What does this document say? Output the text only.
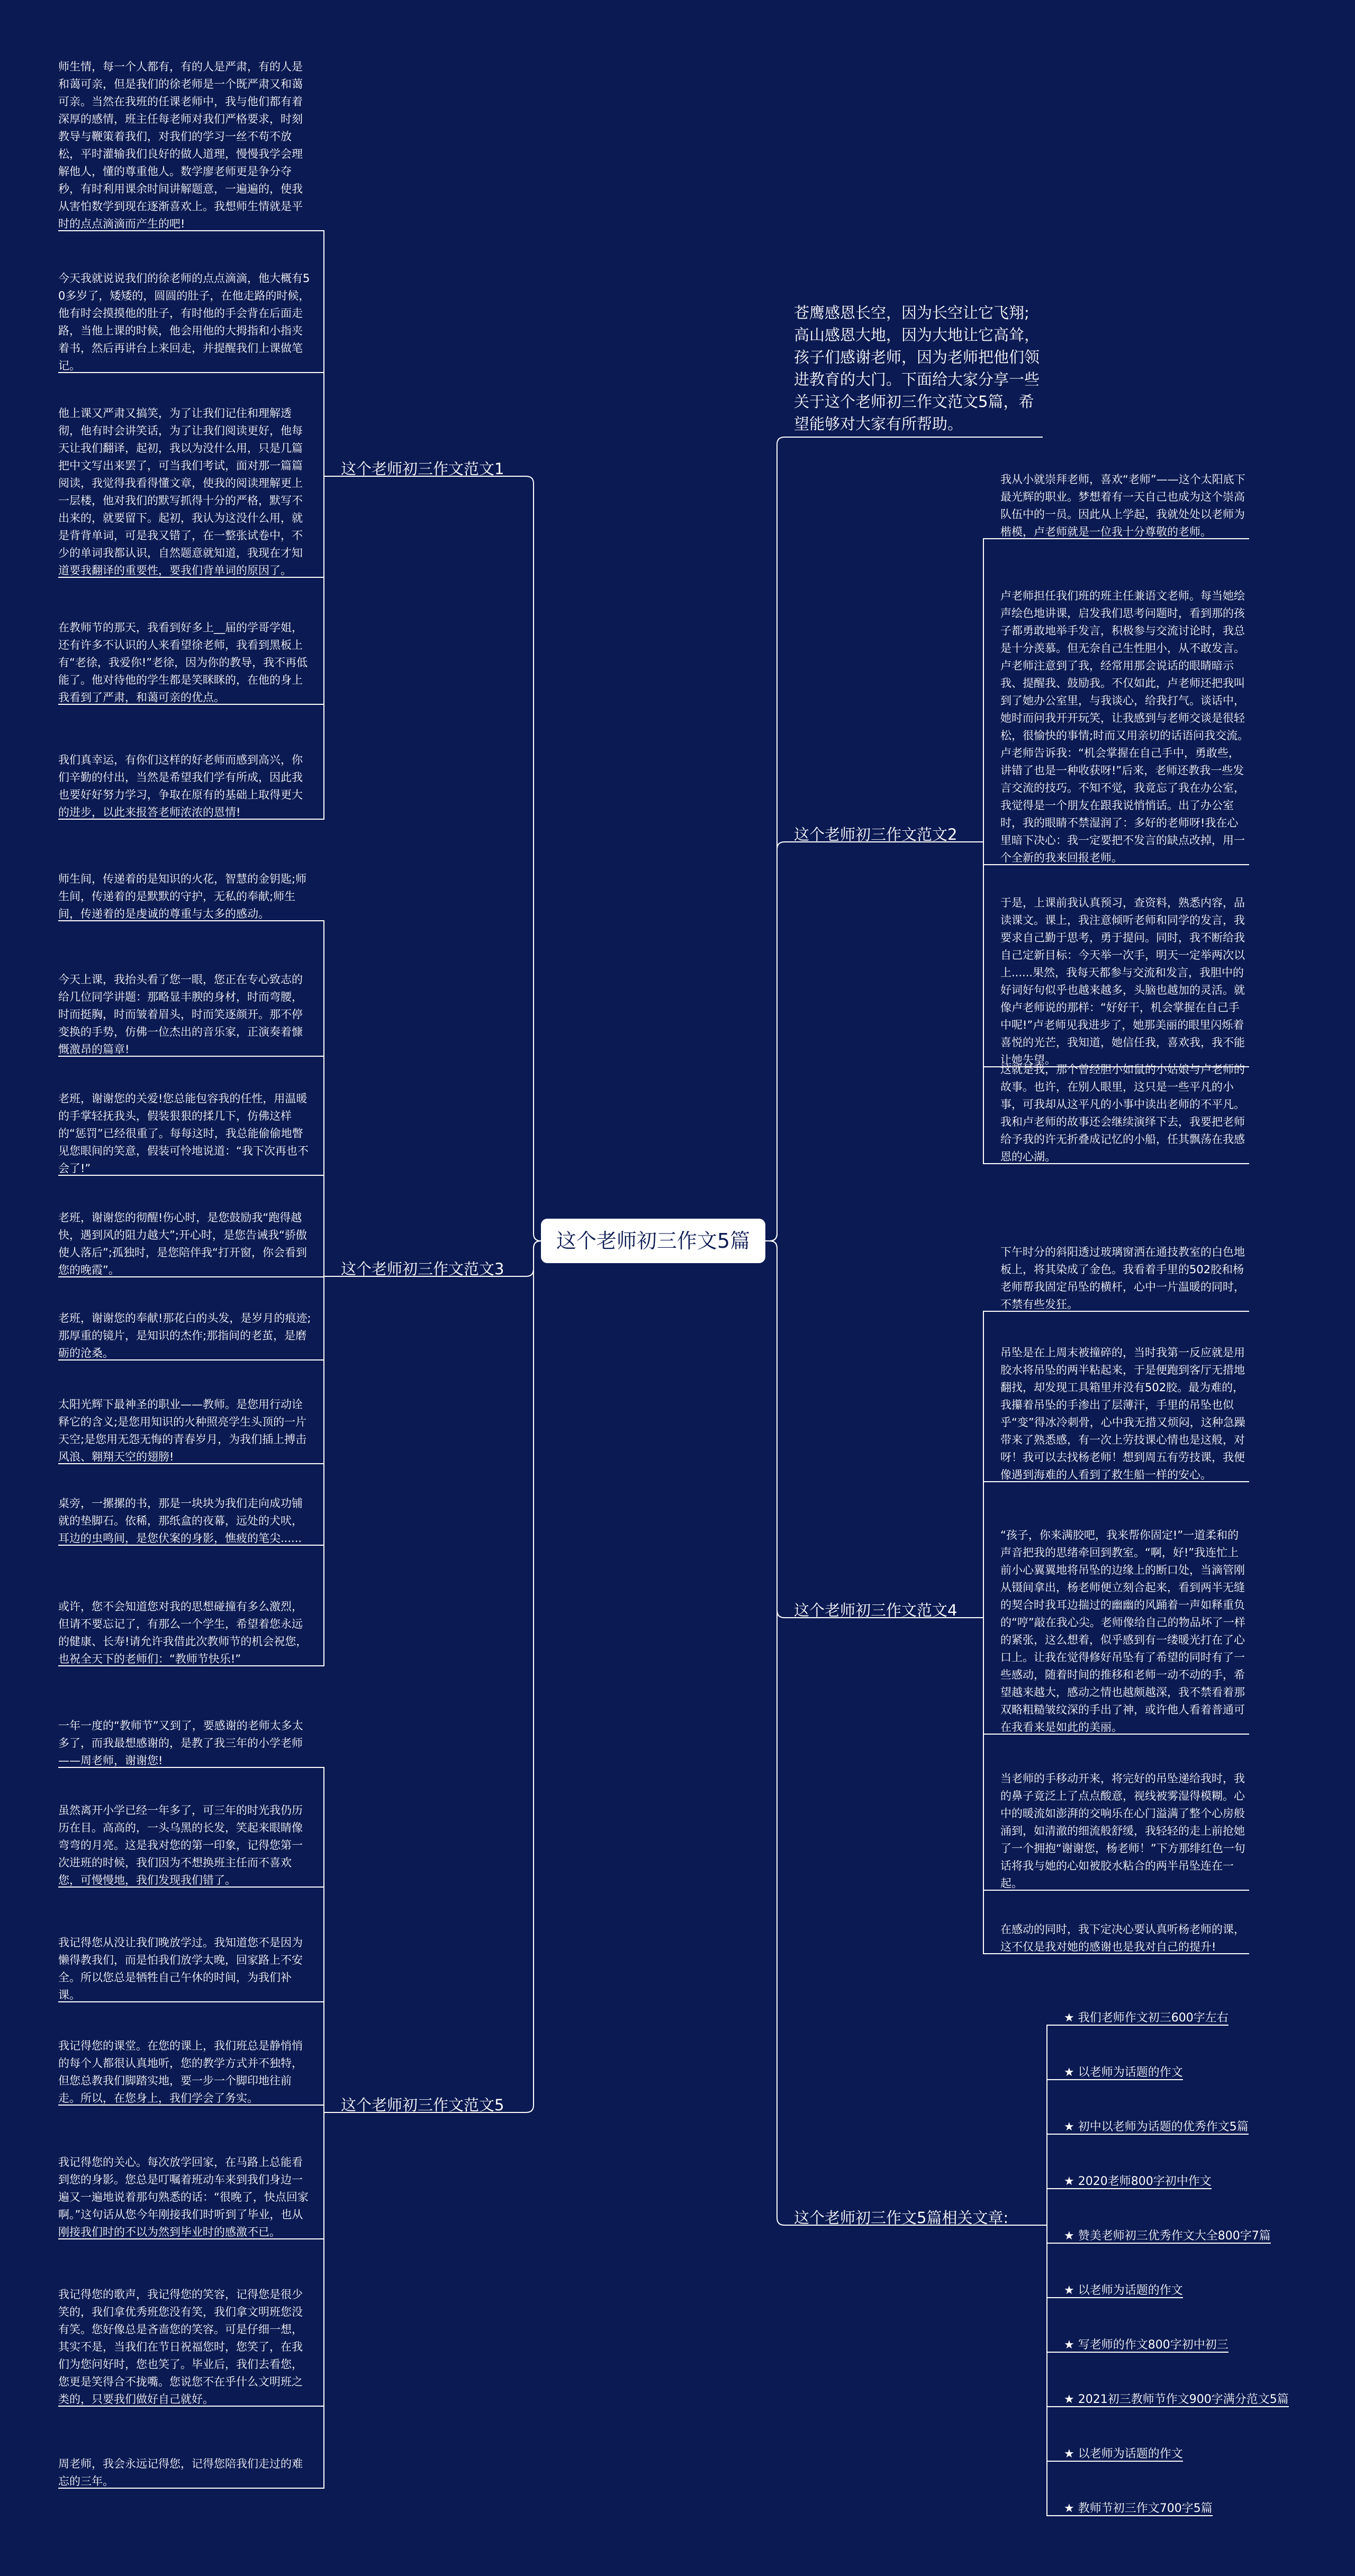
这个老师初三作文5篇
苍鹰感恩长空，因为长空让它飞翔;高山感恩大地，因为大地让它高耸，孩子们感谢老师，因为老师把他们领进教育的大门。下面给大家分享一些关于这个老师初三作文范文5篇，希望能够对大家有所帮助。
这个老师初三作文范文1
师生情，每一个人都有，有的人是严肃，有的人是和蔼可亲，但是我们的徐老师是一个既严肃又和蔼可亲。当然在我班的任课老师中，我与他们都有着深厚的感情，班主任每老师对我们严格要求，时刻教导与鞭策着我们，对我们的学习一丝不苟不放松，平时灌输我们良好的做人道理，慢慢我学会理解他人，懂的尊重他人。数学廖老师更是争分夺秒，有时利用课余时间讲解题意，一遍遍的，使我从害怕数学到现在逐渐喜欢上。我想师生情就是平时的点点滴滴而产生的吧!
今天我就说说我们的徐老师的点点滴滴，他大概有50多岁了，矮矮的，圆圆的肚子，在他走路的时候，他有时会摸摸他的肚子，有时他的手会背在后面走路，当他上课的时候，他会用他的大拇指和小指夹着书，然后再讲台上来回走，并提醒我们上课做笔记。
他上课又严肃又搞笑，为了让我们记住和理解透彻，他有时会讲笑话，为了让我们阅读更好，他每天让我们翻译，起初，我以为没什么用，只是几篇把中文写出来罢了，可当我们考试，面对那一篇篇阅读，我觉得我看得懂文章，使我的阅读理解更上一层楼，他对我们的默写抓得十分的严格，默写不出来的，就要留下。起初，我认为这没什么用，就是背背单词，可是我又错了，在一整张试卷中，不少的单词我都认识，自然题意就知道，我现在才知道要我翻译的重要性，要我们背单词的原因了。
在教师节的那天，我看到好多上__届的学哥学姐，还有许多不认识的人来看望徐老师，我看到黑板上有“老徐，我爱你!”老徐，因为你的教导，我不再低能了。他对待他的学生都是笑眯眯的，在他的身上我看到了严肃，和蔼可亲的优点。
我们真幸运，有你们这样的好老师而感到高兴，你们辛勤的付出，当然是希望我们学有所成，因此我也要好好努力学习，争取在原有的基础上取得更大的进步，以此来报答老师浓浓的恩情!
这个老师初三作文范文3
师生间，传递着的是知识的火花，智慧的金钥匙;师生间，传递着的是默默的守护，无私的奉献;师生间，传递着的是虔诚的尊重与太多的感动。
今天上课，我抬头看了您一眼，您正在专心致志的给几位同学讲题：那略显丰腴的身材，时而弯腰，时而挺胸，时而皱着眉头，时而笑逐颜开。那不停变换的手势，仿佛一位杰出的音乐家，正演奏着慷慨激昂的篇章!
老班，谢谢您的关爱!您总能包容我的任性，用温暖的手掌轻抚我头，假装狠狠的揉几下，仿佛这样的“惩罚”已经很重了。每每这时，我总能偷偷地瞥见您眼间的笑意，假装可怜地说道：“我下次再也不会了!”
老班，谢谢您的彻醒!伤心时，是您鼓励我“跑得越快，遇到风的阻力越大”;开心时，是您告诫我“骄傲使人落后”;孤独时，是您陪伴我“打开窗，你会看到您的晚霞”。
老班，谢谢您的奉献!那花白的头发，是岁月的痕迹;那厚重的镜片，是知识的杰作;那指间的老茧，是磨砺的沧桑。
太阳光辉下最神圣的职业——教师。是您用行动诠释它的含义;是您用知识的火种照亮学生头顶的一片天空;是您用无怨无悔的青春岁月，为我们插上搏击风浪、翱翔天空的翅膀!
桌旁，一摞摞的书，那是一块块为我们走向成功铺就的垫脚石。依稀，那纸盒的夜幕，远处的犬吠，耳边的虫鸣间，是您伏案的身影，憔疲的笔尖......
或许，您不会知道您对我的思想碰撞有多么激烈，但请不要忘记了，有那么一个学生，希望着您永远的健康、长寿!请允许我借此次教师节的机会祝您，也祝全天下的老师们：“教师节快乐!”
这个老师初三作文范文5
一年一度的“教师节”又到了，要感谢的老师太多太多了，而我最想感谢的，是教了我三年的小学老师——周老师，谢谢您!
虽然离开小学已经一年多了，可三年的时光我仍历历在目。高高的，一头乌黑的长发，笑起来眼睛像弯弯的月亮。这是我对您的第一印象，记得您第一次进班的时候，我们因为不想换班主任而不喜欢您，可慢慢地，我们发现我们错了。
我记得您从没让我们晚放学过。我知道您不是因为懒得教我们，而是怕我们放学太晚，回家路上不安全。所以您总是牺牲自己午休的时间，为我们补课。
我记得您的课堂。在您的课上，我们班总是静悄悄的每个人都很认真地听，您的教学方式并不独特，但您总教我们脚踏实地，要一步一个脚印地往前走。所以，在您身上，我们学会了务实。
我记得您的关心。每次放学回家，在马路上总能看到您的身影。您总是叮嘱着班动车来到我们身边一遍又一遍地说着那句熟悉的话：“很晚了，快点回家啊。”这句话从您今年刚接我们时听到了毕业，也从刚接我们时的不以为然到毕业时的感激不已。
我记得您的歌声，我记得您的笑容，记得您是很少笑的，我们拿优秀班您没有笑，我们拿文明班您没有笑。您好像总是吝啬您的笑容。可是仔细一想，其实不是，当我们在节日祝福您时，您笑了，在我们为您问好时，您也笑了。毕业后，我们去看您，您更是笑得合不拢嘴。您说您不在乎什么文明班之类的，只要我们做好自己就好。
周老师，我会永远记得您，记得您陪我们走过的难忘的三年。
这个老师初三作文范文2
我从小就崇拜老师，喜欢“老师”——这个太阳底下最光辉的职业。梦想着有一天自己也成为这个崇高队伍中的一员。因此从上学起，我就处处以老师为楷模，卢老师就是一位我十分尊敬的老师。
卢老师担任我们班的班主任兼语文老师。每当她绘声绘色地讲课，启发我们思考问题时，看到那的孩子都勇敢地举手发言，积极参与交流讨论时，我总是十分羡慕。但无奈自己生性胆小，从不敢发言。卢老师注意到了我，经常用那会说话的眼睛暗示我、提醒我、鼓励我。不仅如此，卢老师还把我叫到了她办公室里，与我谈心，给我打气。谈话中，她时而问我开开玩笑，让我感到与老师交谈是很轻松，很愉快的事情;时而又用亲切的话语问我交流。卢老师告诉我：“机会掌握在自己手中，勇敢些，讲错了也是一种收获呀!”后来，老师还教我一些发言交流的技巧。不知不觉，我竟忘了我在办公室，我觉得是一个朋友在跟我说悄悄话。出了办公室时，我的眼睛不禁湿润了：多好的老师呀!我在心里暗下决心：我一定要把不发言的缺点改掉，用一个全新的我来回报老师。
于是，上课前我认真预习，查资料，熟悉内容，品读课文。课上，我注意倾听老师和同学的发言，我要求自己勤于思考，勇于提问。同时，我不断给我自己定新目标：今天举一次手，明天一定举两次以上......果然，我每天都参与交流和发言，我胆中的好词好句似乎也越来越多，头脑也越加的灵活。就像卢老师说的那样：“好好干，机会掌握在自己手中呢!”卢老师见我进步了，她那美丽的眼里闪烁着喜悦的光芒，我知道，她信任我，喜欢我，我不能让她失望。
这就是我，那个曾经胆小如鼠的小姑娘与卢老师的故事。也许，在别人眼里，这只是一些平凡的小事，可我却从这平凡的小事中读出老师的不平凡。我和卢老师的故事还会继续演绎下去，我要把老师给予我的许无折叠成记忆的小船，任其飘荡在我感恩的心湖。
这个老师初三作文范文4
下午时分的斜阳透过玻璃窗洒在通技教室的白色地板上，将其染成了金色。我看着手里的502胶和杨老师帮我固定吊坠的横杆，心中一片温暖的同时，不禁有些发狂。
吊坠是在上周末被撞碎的，当时我第一反应就是用胶水将吊坠的两半粘起来，于是便跑到客厅无措地翻找，却发现工具箱里并没有502胶。最为难的，我攥着吊坠的手渗出了层薄汗，手里的吊坠也似乎“变”得冰冷刺骨，心中我无措又烦闷，这种急躁带来了熟悉感，有一次上劳技课心情也是这般，对呀！我可以去找杨老师！想到周五有劳技课，我便像遇到海难的人看到了救生船一样的安心。
“孩子，你来满胶吧，我来帮你固定!”一道柔和的声音把我的思绪牵回到教室。“啊，好!”我连忙上前小心翼翼地将吊坠的边缘上的断口处，当滴管刚从镊间拿出，杨老师便立刻合起来，看到两半无缝的契合时我耳边揣过的幽幽的风踊着一声如释重负的“哼”敲在我心尖。老师像给自己的物品坏了一样的紧张，这么想着，似乎感到有一缕暖光打在了心口上。让我在觉得修好吊坠有了希望的同时有了一些感动，随着时间的推移和老师一动不动的手，希望越来越大，感动之情也越颇越深，我不禁看着那双略粗糙皱纹深的手出了神，或许他人看着普通可在我看来是如此的美丽。
当老师的手移动开来，将完好的吊坠递给我时，我的鼻子竟泛上了点点酸意，视线被雾湿得模糊。心中的暖流如澎湃的交响乐在心门溢满了整个心房般涌到，如清澈的细流般舒缓，我轻轻的走上前抢她了一个拥抱“谢谢您，杨老师！”下方那绯红色一句话将我与她的心如被胶水粘合的两半吊坠连在一起。
在感动的同时，我下定决心要认真听杨老师的课，这不仅是我对她的感谢也是我对自己的提升!
这个老师初三作文5篇相关文章:
★ 我们老师作文初三600字左右
★ 以老师为话题的作文
★ 初中以老师为话题的优秀作文5篇
★ 2020老师800字初中作文
★ 赞美老师初三优秀作文大全800字7篇
★ 以老师为话题的作文
★ 写老师的作文800字初中初三
★ 2021初三教师节作文900字满分范文5篇
★ 以老师为话题的作文
★ 教师节初三作文700字5篇
